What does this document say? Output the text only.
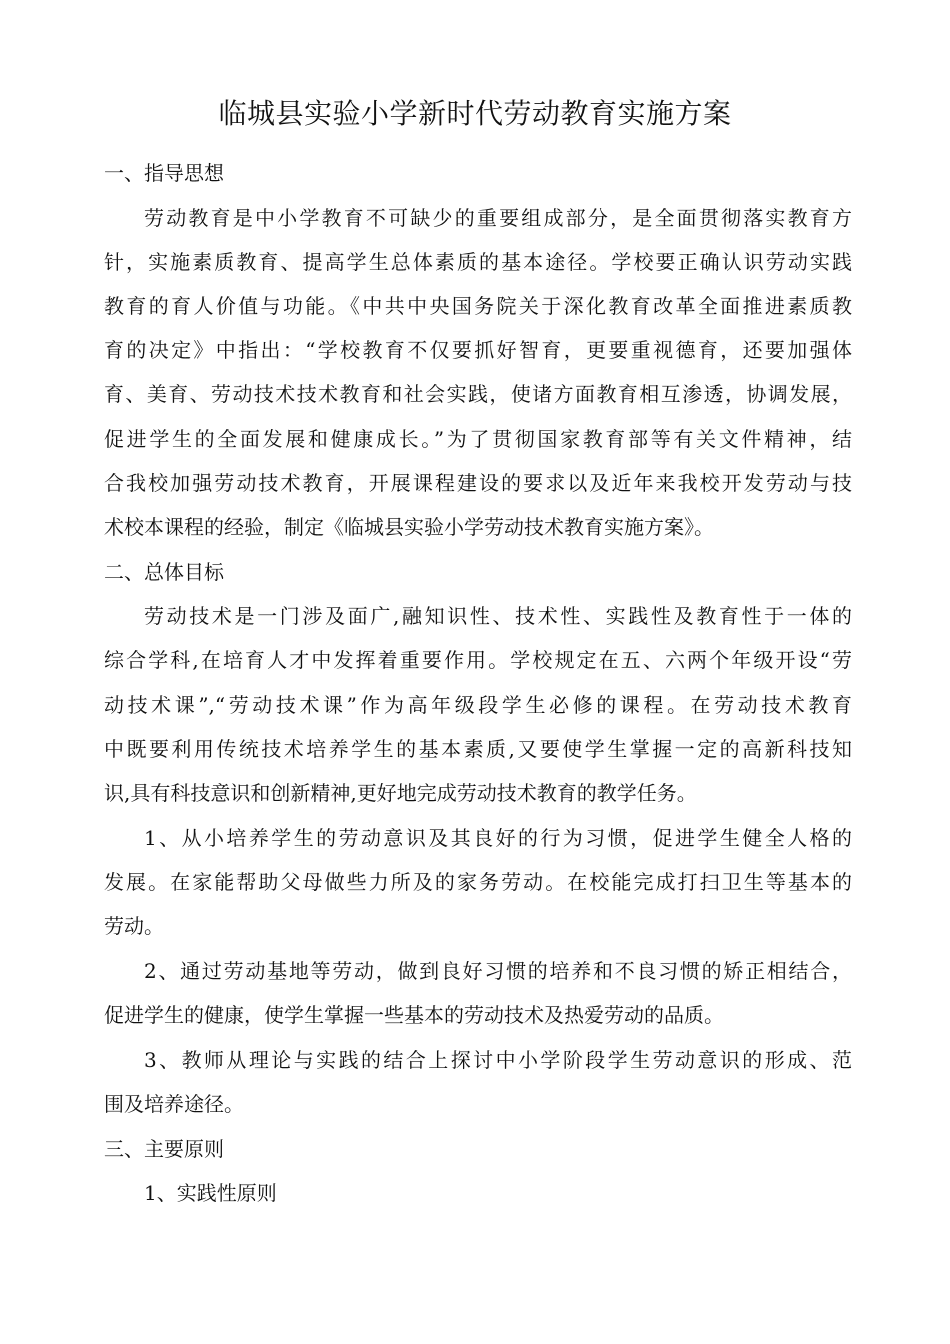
临城县实验小学新时代劳动教育实施方案
一、指导思想
劳动教育是中小学教育不可缺少的重要组成部分，是全面贯彻落实教育方
针，实施素质教育、提高学生总体素质的基本途径。学校要正确认识劳动实践
教育的育人价值与功能。《中共中央国务院关于深化教育改革全面推进素质教
育的决定》中指出：“学校教育不仅要抓好智育，更要重视德育，还要加强体
育、美育、劳动技术技术教育和社会实践，使诸方面教育相互渗透，协调发展，
促进学生的全面发展和健康成长。”为了贯彻国家教育部等有关文件精神，结
合我校加强劳动技术教育，开展课程建设的要求以及近年来我校开发劳动与技
术校本课程的经验，制定《临城县实验小学劳动技术教育实施方案》。
二、总体目标
劳动技术是一门涉及面广,融知识性、技术性、实践性及教育性于一体的
综合学科,在培育人才中发挥着重要作用。学校规定在五、六两个年级开设“劳
动技术课”,“劳动技术课”作为高年级段学生必修的课程。在劳动技术教育
中既要利用传统技术培养学生的基本素质,又要使学生掌握一定的高新科技知
识,具有科技意识和创新精神,更好地完成劳动技术教育的教学任务。
1、从小培养学生的劳动意识及其良好的行为习惯，促进学生健全人格的
发展。在家能帮助父母做些力所及的家务劳动。在校能完成打扫卫生等基本的
劳动。
2、通过劳动基地等劳动，做到良好习惯的培养和不良习惯的矫正相结合，
促进学生的健康，使学生掌握一些基本的劳动技术及热爱劳动的品质。
3、教师从理论与实践的结合上探讨中小学阶段学生劳动意识的形成、范
围及培养途径。
三、主要原则
1、实践性原则
